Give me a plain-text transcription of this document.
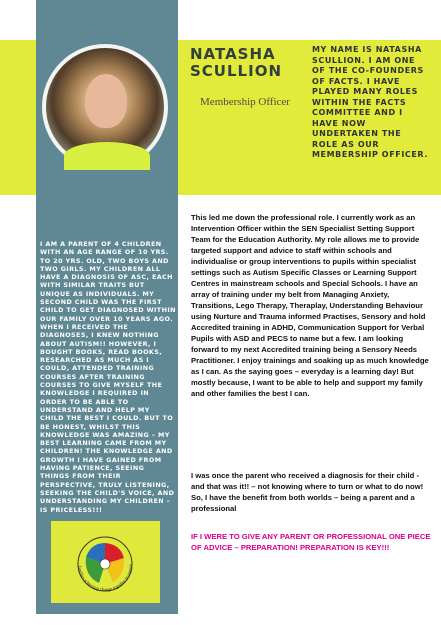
NATASHA SCULLION
Membership Officer
MY NAME IS NATASHA SCULLION. I AM ONE OF THE CO-FOUNDERS OF FACTS. I HAVE PLAYED MANY ROLES WITHIN THE FACTS COMMITTEE AND I HAVE NOW UNDERTAKEN THE ROLE AS OUR MEMBERSHIP OFFICER.
I AM A PARENT OF 4 CHILDREN WITH AN AGE RANGE OF 10 YRS. TO 20 YRS. OLD, TWO BOYS AND TWO GIRLS. MY CHILDREN ALL HAVE A DIAGNOSIS OF ASC, EACH WITH SIMILAR TRAITS BUT UNIQUE AS INDIVIDUALS. MY SECOND CHILD WAS THE FIRST CHILD TO GET DIAGNOSED WITHIN OUR FAMILY OVER 10 YEARS AGO. WHEN I RECEIVED THE DIAGNOSES, I KNEW NOTHING ABOUT AUTISM!! HOWEVER, I BOUGHT BOOKS, READ BOOKS, RESEARCHED AS MUCH AS I COULD, ATTENDED TRAINING COURSES AFTER TRAINING COURSES TO GIVE MYSELF THE KNOWLEDGE I REQUIRED IN ORDER TO BE ABLE TO UNDERSTAND AND HELP MY CHILD THE BEST I COULD. BUT TO BE HONEST, WHILST THIS KNOWLEDGE WAS AMAZING – MY BEST LEARNING CAME FROM MY CHILDREN! THE KNOWLEDGE AND GROWTH I HAVE GAINED FROM HAVING PATIENCE, SEEING THINGS FROM THEIR PERSPECTIVE, TRULY LISTENING, SEEKING THE CHILD'S VOICE, AND UNDERSTANDING MY CHILDREN – IS PRICELESS!!!
This led me down the professional role. I currently work as an Intervention Officer within the SEN Specialist Setting Support Team for the Education Authority. My role allows me to provide targeted support and advice to staff within schools and individualise or group interventions to pupils within specialist settings such as Autism Specific Classes or Learning Support Centres in mainstream schools and Special Schools. I have an array of training under my belt from Managing Anxiety, Transitions, Lego Therapy, Theraplay, Understanding Behaviour using Nurture and Trauma informed Practises, Sensory and hold Accredited training in ADHD, Communication Support for Verbal Pupils with ASD and PECS to name but a few. I am looking forward to my next Accredited training being a Sensory Needs Practitioner. I enjoy trainings and soaking up as much knowledge as I can. As the saying goes – everyday is a learning day! But mostly because, I want to be able to help and support my family and other families the best I can.
I was once the parent who received a diagnosis for their child -and that was it!! – not knowing where to turn or what to do now! So, I have the benefit from both worlds – being a parent and a professional
IF I WERE TO GIVE ANY PARENT OR PROFESSIONAL ONE PIECE OF ADVICE – PREPARATION! PREPARATION IS KEY!!!
families achieving change together in suppor
